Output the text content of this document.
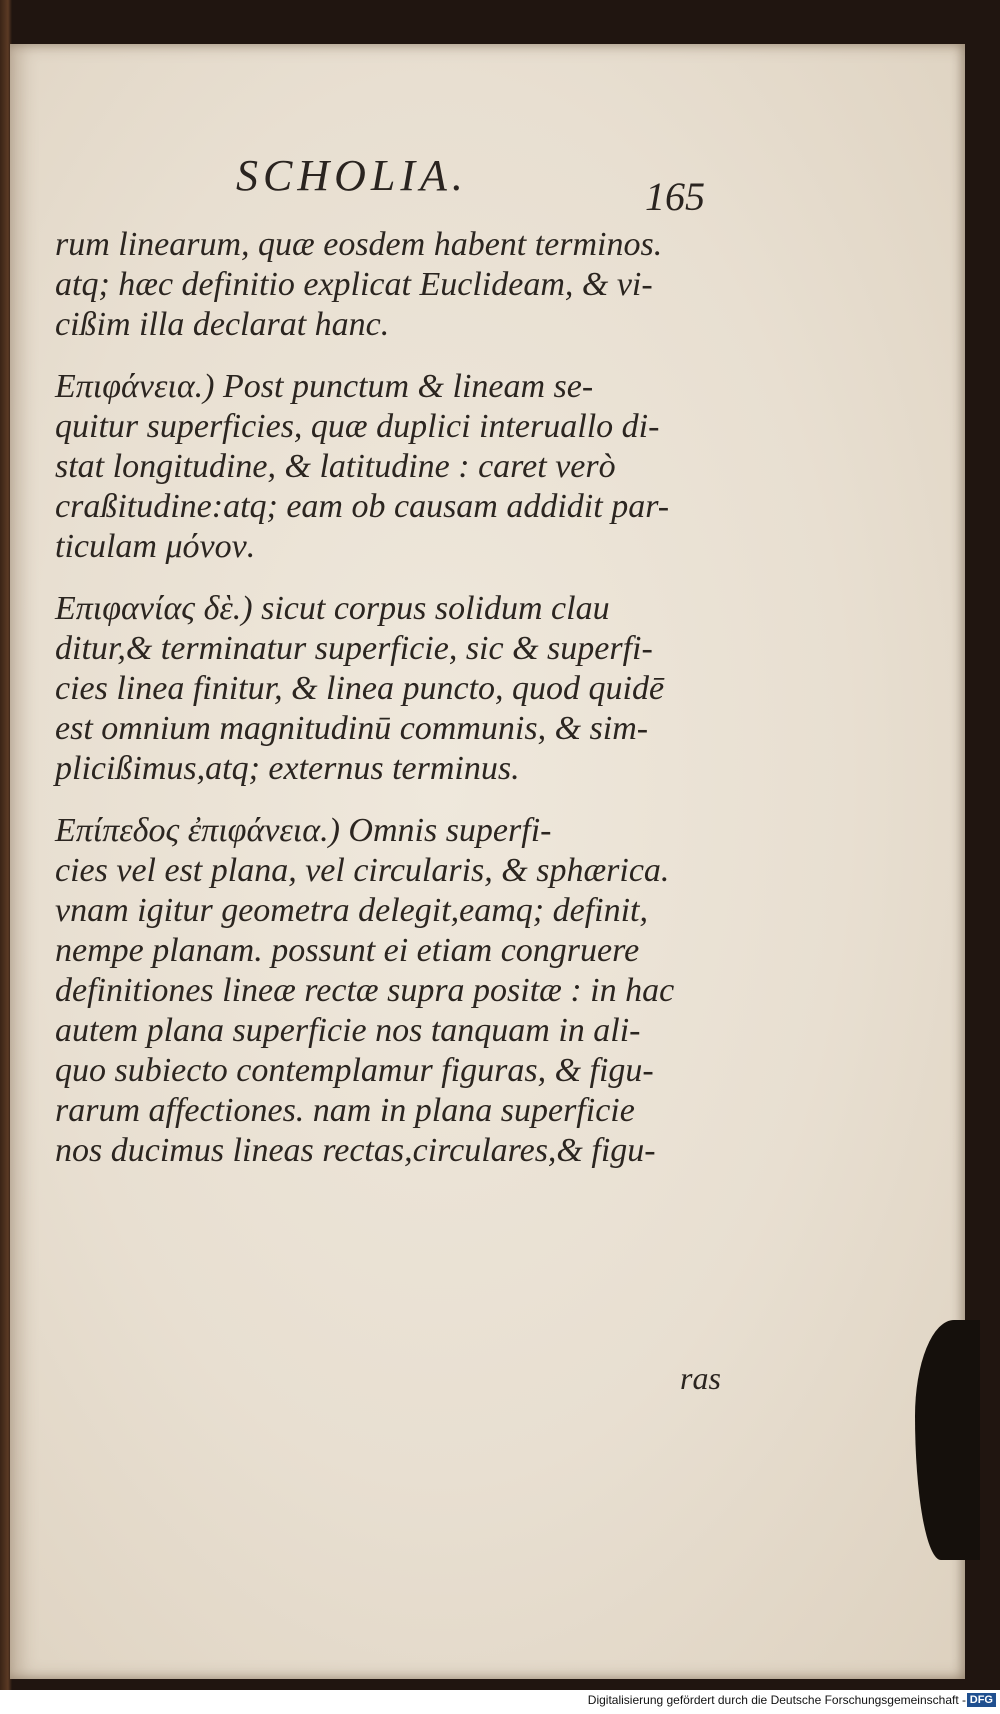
SCHOLIA.	165
rum linearum, quæ eosdem habent terminos.
atq; hæc definitio explicat Euclideam, & vi-
cißim illa declarat hanc.
Επιφάνεια.) Post punctum & lineam se-
quitur superficies, quæ duplici interuallo di-
stat longitudine, & latitudine : caret verò
craßitudine:atq; eam ob causam addidit par-
ticulam μόνον.
Επιφανίας δὲ.) sicut corpus solidum clau
ditur,& terminatur superficie, sic & superfi-
cies linea finitur, & linea puncto, quod quidē
est omnium magnitudinū communis, & sim-
plicißimus,atq; externus terminus.
Επίπεδος ἐπιφάνεια.) Omnis superfi-
cies vel est plana, vel circularis, & sphærica.
vnam igitur geometra delegit,eamq; definit,
nempe planam. possunt ei etiam congruere
definitiones lineæ rectæ supra positæ : in hac
autem plana superficie nos tanquam in ali-
quo subiecto contemplamur figuras, & figu-
rarum affectiones. nam in plana superficie
nos ducimus lineas rectas,circulares,& figu-
ras
Digitalisierung gefördert durch die Deutsche Forschungsgemeinschaft - DFG
